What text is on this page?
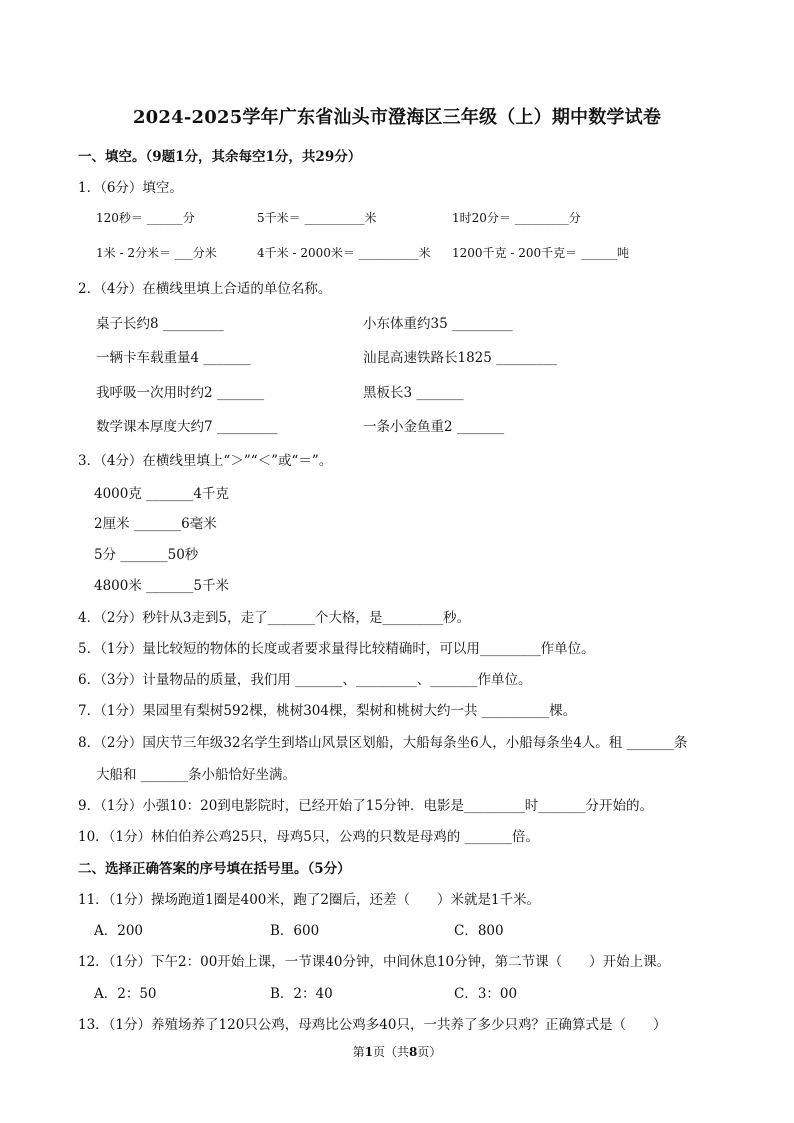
2024-2025学年广东省汕头市澄海区三年级（上）期中数学试卷
一、填空。（9题1分，其余每空1分，共29分）
1．（6分）填空。
120秒＝ ______分	5千米＝ __________米	1时20分＝ _________分
1米 - 2分米＝ ___分米	4千米 - 2000米＝ __________米 1200千克 - 200千克＝ ______吨
2．（4分）在横线里填上合适的单位名称。
桌子长约8 _________	小东体重约35 _________
一辆卡车载重量4 _______	汕昆高速铁路长1825 _________
我呼吸一次用时约2 _______	黑板长3 _______
数学课本厚度大约7 _________	一条小金鱼重2 _______
3．（4分）在横线里填上“＞”“＜”或“＝”。
4000克 _______4千克
2厘米 _______6毫米
5分 _______50秒
4800米 _______5千米
4．（2分）秒针从3走到5，走了_______个大格，是_________秒。
5．（1分）量比较短的物体的长度或者要求量得比较精确时，可以用_________作单位。
6．（3分）计量物品的质量，我们用 _______、_________、_______作单位。
7．（1分）果园里有梨树592棵，桃树304棵，梨树和桃树大约一共 __________棵。
8．（2分）国庆节三年级32名学生到塔山风景区划船，大船每条坐6人，小船每条坐4人。租 _______条
大船和 _______条小船恰好坐满。
9．（1分）小强10：20到电影院时，已经开始了15分钟．电影是_________时_______分开始的。
10．（1分）林伯伯养公鸡25只，母鸡5只，公鸡的只数是母鸡的 _______倍。
二、选择正确答案的序号填在括号里。（5分）
11．（1分）操场跑道1圈是400米，跑了2圈后，还差（　　）米就是1千米。
A．200	B．600	C．800
12．（1分）下午2：00开始上课，一节课40分钟，中间休息10分钟，第二节课（　　）开始上课。
A．2：50	B．2：40	C．3：00
13．（1分）养殖场养了120只公鸡，母鸡比公鸡多40只，一共养了多少只鸡？正确算式是（　　）
第1页（共8页）
